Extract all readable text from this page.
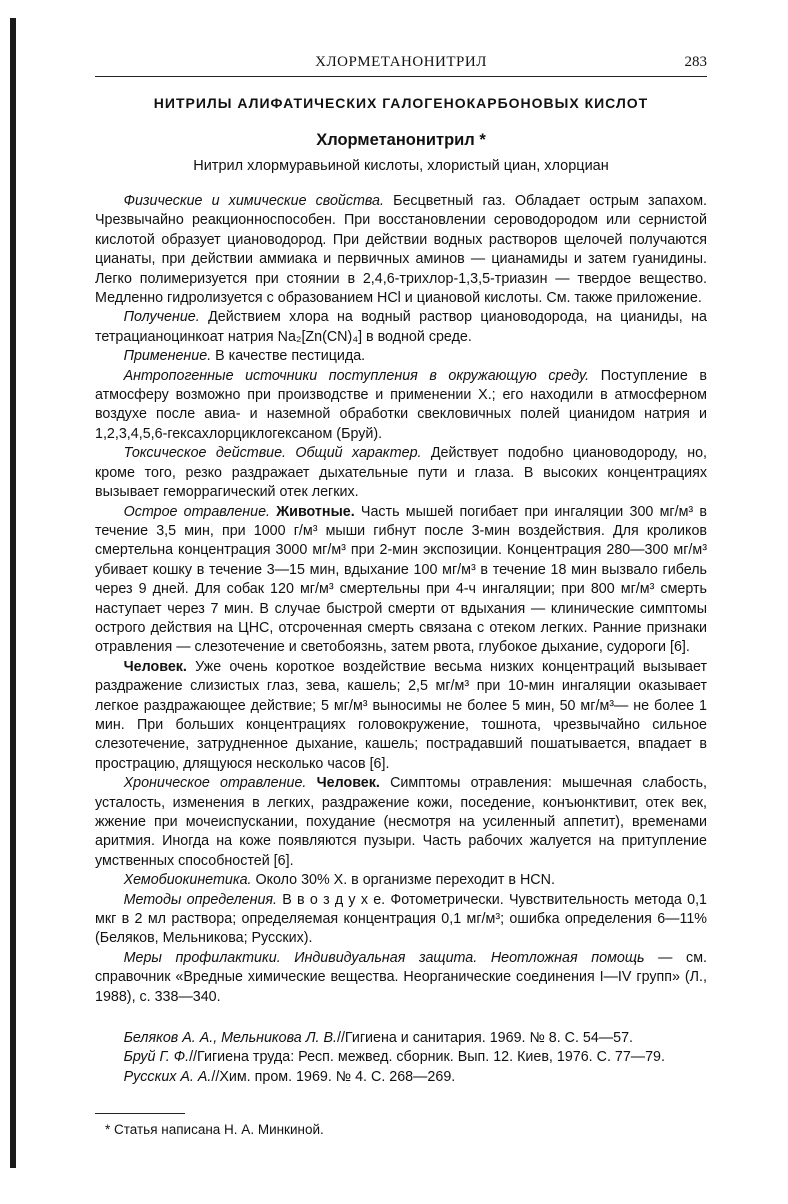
ХЛОРМЕТАНОНИТРИЛ	283
НИТРИЛЫ АЛИФАТИЧЕСКИХ ГАЛОГЕНОКАРБОНОВЫХ КИСЛОТ
Хлорметанонитрил *
Нитрил хлормуравьиной кислоты, хлористый циан, хлорциан

Физические и химические свойства. Бесцветный газ. Обладает острым запахом. Чрезвычайно реакционноспособен. При восстановлении сероводородом или сернистой кислотой образует циановодород. При действии водных растворов щелочей получаются цианаты, при действии аммиака и первичных аминов — цианамиды и затем гуанидины. Легко полимеризуется при стоянии в 2,4,6-трихлор-1,3,5-триазин — твердое вещество. Медленно гидролизуется с образованием HCl и циановой кислоты. См. также приложение.

Получение. Действием хлора на водный раствор циановодорода, на цианиды, на тетрацианоцинкоат натрия Na₂[Zn(CN)₄] в водной среде.

Применение. В качестве пестицида.

Антропогенные источники поступления в окружающую среду. Поступление в атмосферу возможно при производстве и применении Х.; его находили в атмосферном воздухе после авиа- и наземной обработки свекловичных полей цианидом натрия и 1,2,3,4,5,6-гексахлорциклогексаном (Бруй).

Токсическое действие. Общий характер. Действует подобно циановодороду, но, кроме того, резко раздражает дыхательные пути и глаза. В высоких концентрациях вызывает геморрагический отек легких.

Острое отравление. Животные. Часть мышей погибает при ингаляции 300 мг/м³ в течение 3,5 мин, при 1000 г/м³ мыши гибнут после 3-мин воздействия. Для кроликов смертельна концентрация 3000 мг/м³ при 2-мин экспозиции. Концентрация 280—300 мг/м³ убивает кошку в течение 3—15 мин, вдыхание 100 мг/м³ в течение 18 мин вызвало гибель через 9 дней. Для собак 120 мг/м³ смертельны при 4-ч ингаляции; при 800 мг/м³ смерть наступает через 7 мин. В случае быстрой смерти от вдыхания — клинические симптомы острого действия на ЦНС, отсроченная смерть связана с отеком легких. Ранние признаки отравления — слезотечение и светобоязнь, затем рвота, глубокое дыхание, судороги [6].

Человек. Уже очень короткое воздействие весьма низких концентраций вызывает раздражение слизистых глаз, зева, кашель; 2,5 мг/м³ при 10-мин ингаляции оказывает легкое раздражающее действие; 5 мг/м³ выносимы не более 5 мин, 50 мг/м³— не более 1 мин. При больших концентрациях головокружение, тошнота, чрезвычайно сильное слезотечение, затрудненное дыхание, кашель; пострадавший пошатывается, впадает в прострацию, длящуюся несколько часов [6].

Хроническое отравление. Человек. Симптомы отравления: мышечная слабость, усталость, изменения в легких, раздражение кожи, поседение, конъюнктивит, отек век, жжение при мочеиспускании, похудание (несмотря на усиленный аппетит), временами аритмия. Иногда на коже появляются пузыри. Часть рабочих жалуется на притупление умственных способностей [6].

Хемобиокинетика. Около 30% Х. в организме переходит в HCN.

Методы определения. В в о з д у х е. Фотометрически. Чувствительность метода 0,1 мкг в 2 мл раствора; определяемая концентрация 0,1 мг/м³; ошибка определения 6—11% (Беляков, Мельникова; Русских).

Меры профилактики. Индивидуальная защита. Неотложная помощь — см. справочник «Вредные химические вещества. Неорганические соединения I—IV групп» (Л., 1988), с. 338—340.

Беляков А. А., Мельникова Л. В.//Гигиена и санитария. 1969. № 8. С. 54—57.

Бруй Г. Ф.//Гигиена труда: Респ. межвед. сборник. Вып. 12. Киев, 1976. С. 77—79.

Русских А. А.//Хим. пром. 1969. № 4. С. 268—269.

* Статья написана Н. А. Минкиной.
